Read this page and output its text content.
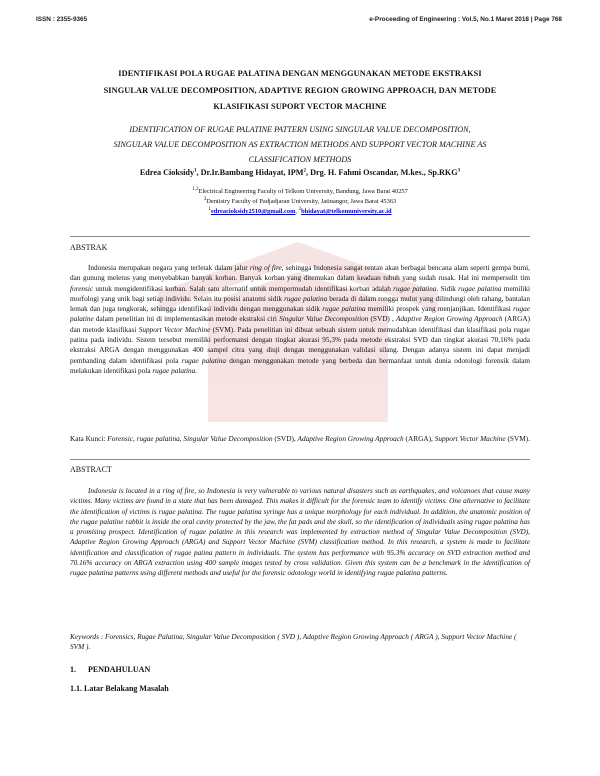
ISSN : 2355-9365	e-Proceeding of Engineering : Vol.5, No.1 Maret 2018 | Page 768
IDENTIFIKASI POLA RUGAE PALATINA DENGAN MENGGUNAKAN METODE EKSTRAKSI
SINGULAR VALUE DECOMPOSITION, ADAPTIVE REGION GROWING APPROACH, DAN METODE
KLASIFIKASI SUPORT VECTOR MACHINE
IDENTIFICATION OF RUGAE PALATINE PATTERN USING SINGULAR VALUE DECOMPOSITION,
SINGULAR VALUE DECOMPOSITION AS EXTRACTION METHODS AND SUPPORT VECTOR MACHINE AS
CLASSIFICATION METHODS
Edrea Cioksidy$^1$, Dr.Ir.Bambang Hidayat, IPM$^2$, Drg. H. Fahmi Oscandar, M.kes., Sp.RKG$^3$
$^{1,2}$Electrical Engineering Faculty of Telkom University, Bandung, Jawa Barat 40257
$^3$Dentistry Faculty of Padjadjaran University, Jatinangor, Jawa Barat 45363
$^1$edreacioksidy2510@gmail.com, $^2$bhidayat@telkomuniversity.ac.id
ABSTRAK
Indonesia merupakan negara yang terletak dalam jalur ring of fire, sehingga Indonesia sangat rentan akan berbagai bencana alam seperti gempa bumi, dan gunung meletus yang menyebabkan banyak korban. Banyak korban yang ditemukan dalam keadaan tubuh yang sudah rusak. Hal ini mempersulit tim forensic untuk mengidentifikasi korban. Salah satu alternatif untuk mempermudah identifikasi korban adalah rugae palatina. Sidik rugae palatina memiliki morfologi yang unik bagi setiap individu. Selain itu posisi anatomi sidik rugae palatina berada di dalam rongga mulut yang dilindungi oleh rahang, bantalan lemak dan juga tengkorak, sehingga identifikasi individu dengan menggunakan sidik rugae palatina memiliki prospek yang menjanjikan. Identifikasi rugae palatine dalam penelitian ini di implementasikan metode ekstraksi ciri Singular Value Decomposition (SVD) , Adaptive Region Growing Approach (ARGA) dan metode klasifikasi Support Vector Machine (SVM). Pada penelitian ini dibuat sebuah sistem untuk memudahkan identifikasi dan klasifikasi pola rugae patina pada individu. Sistem tersebut memiliki performansi dengan tingkat akurasi 95,3% pada metode ekstraksi SVD dan tingkat akurasi 70,16% pada ekstraksi ARGA dengan menggunakan 400 sampel citra yang diuji dengan menggunakan validasi silang. Dengan adanya sistem ini dapat menjadi pembanding dalam identifikasi pola rugae palatina dengan menggunakan metode yang berbeda dan bermanfaat untuk dunia odotologi forensik dalam melakukan identifikasi pola rugae palatina.
Kata Kunci: Forensic, rugae palatina, Singular Value Decomposition (SVD), Adaptive Region Growing Approach (ARGA), Support Vector Machine (SVM).
ABSTRACT
Indonesia is located in a ring of fire, so Indonesia is very vulnerable to various natural disasters such as earthquakes, and volcanoes that cause many victims. Many victims are found in a state that has been damaged. This makes it difficult for the forensic team to identify victims. One alternative to facilitate the identification of victims is rugae palatina. The rugae palatina syringe has a unique morphology for each individual. In addition, the anatomic position of the rugae palatine rabbit is inside the oral cavity protected by the jaw, the fat pads and the skull, so the identification of individuals using rugae palatina has a promising prospect. Identification of rugae palatine in this research was implemented by extraction method of Singular Value Decomposition (SVD), Adaptive Region Growing Approach (ARGA) and Support Vector Machine (SVM) classification method. In this research, a system is made to facilitate identification and classification of rugae patina pattern in individuals. The system has performance with 95.3% accuracy on SVD extraction method and 70.16% accuracy on ARGA extraction using 400 sample images tested by cross validation. Given this system can be a benchmark in the identification of rugae palatina patterns using different methods and useful for the forensic odotology world in identifying rugae palatina patterns.
Keywords : Forensics, Rugae Palatina, Singular Value Decomposition ( SVD ), Adaptive Region Growing Approach ( ARGA ), Support Vector Machine ( SVM ).
1. PENDAHULUAN
1.1. Latar Belakang Masalah
